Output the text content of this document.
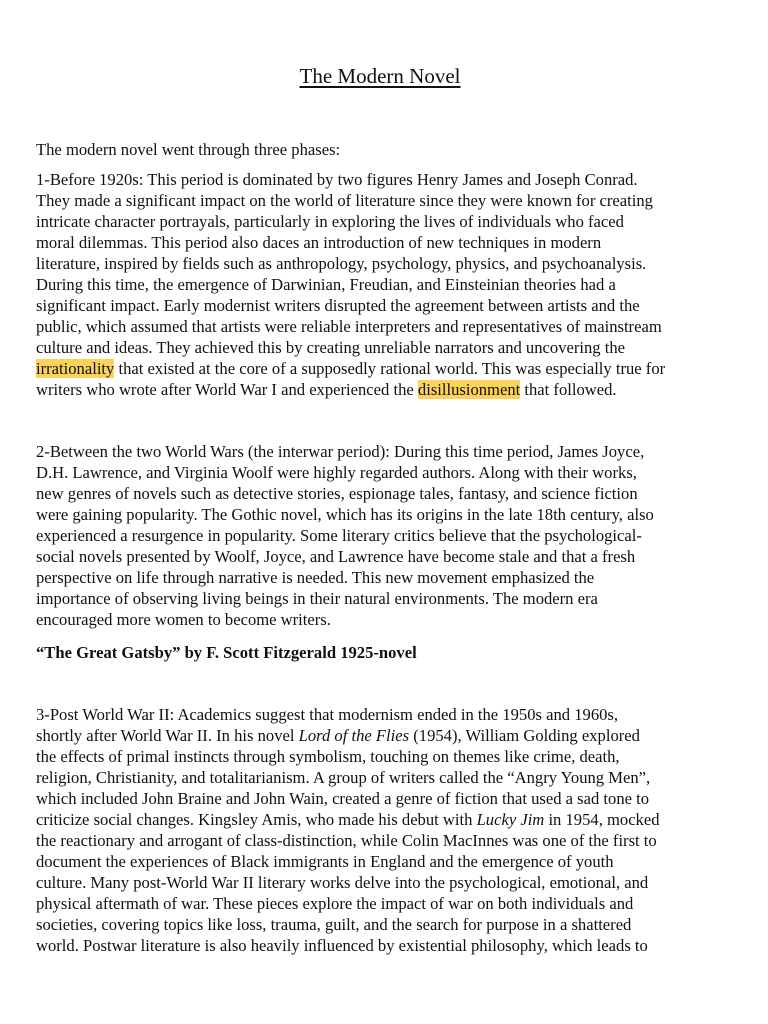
The Modern Novel

The modern novel went through three phases:

1-Before 1920s: This period is dominated by two figures Henry James and Joseph Conrad.
They made a significant impact on the world of literature since they were known for creating
intricate character portrayals, particularly in exploring the lives of individuals who faced
moral dilemmas. This period also daces an introduction of new techniques in modern
literature, inspired by fields such as anthropology, psychology, physics, and psychoanalysis.
During this time, the emergence of Darwinian, Freudian, and Einsteinian theories had a
significant impact. Early modernist writers disrupted the agreement between artists and the
public, which assumed that artists were reliable interpreters and representatives of mainstream
culture and ideas. They achieved this by creating unreliable narrators and uncovering the
irrationality that existed at the core of a supposedly rational world. This was especially true for
writers who wrote after World War I and experienced the disillusionment that followed.
2-Between the two World Wars (the interwar period): During this time period, James Joyce,
D.H. Lawrence, and Virginia Woolf were highly regarded authors. Along with their works,
new genres of novels such as detective stories, espionage tales, fantasy, and science fiction
were gaining popularity. The Gothic novel, which has its origins in the late 18th century, also
experienced a resurgence in popularity. Some literary critics believe that the psychological-
social novels presented by Woolf, Joyce, and Lawrence have become stale and that a fresh
perspective on life through narrative is needed. This new movement emphasized the
importance of observing living beings in their natural environments. The modern era
encouraged more women to become writers.

“The Great Gatsby” by F. Scott Fitzgerald 1925-novel

3-Post World War II: Academics suggest that modernism ended in the 1950s and 1960s,
shortly after World War II. In his novel Lord of the Flies (1954), William Golding explored
the effects of primal instincts through symbolism, touching on themes like crime, death,
religion, Christianity, and totalitarianism. A group of writers called the “Angry Young Men”,
which included John Braine and John Wain, created a genre of fiction that used a sad tone to
criticize social changes. Kingsley Amis, who made his debut with Lucky Jim in 1954, mocked
the reactionary and arrogant of class-distinction, while Colin MacInnes was one of the first to
document the experiences of Black immigrants in England and the emergence of youth
culture. Many post-World War II literary works delve into the psychological, emotional, and
physical aftermath of war. These pieces explore the impact of war on both individuals and
societies, covering topics like loss, trauma, guilt, and the search for purpose in a shattered
world. Postwar literature is also heavily influenced by existential philosophy, which leads to
